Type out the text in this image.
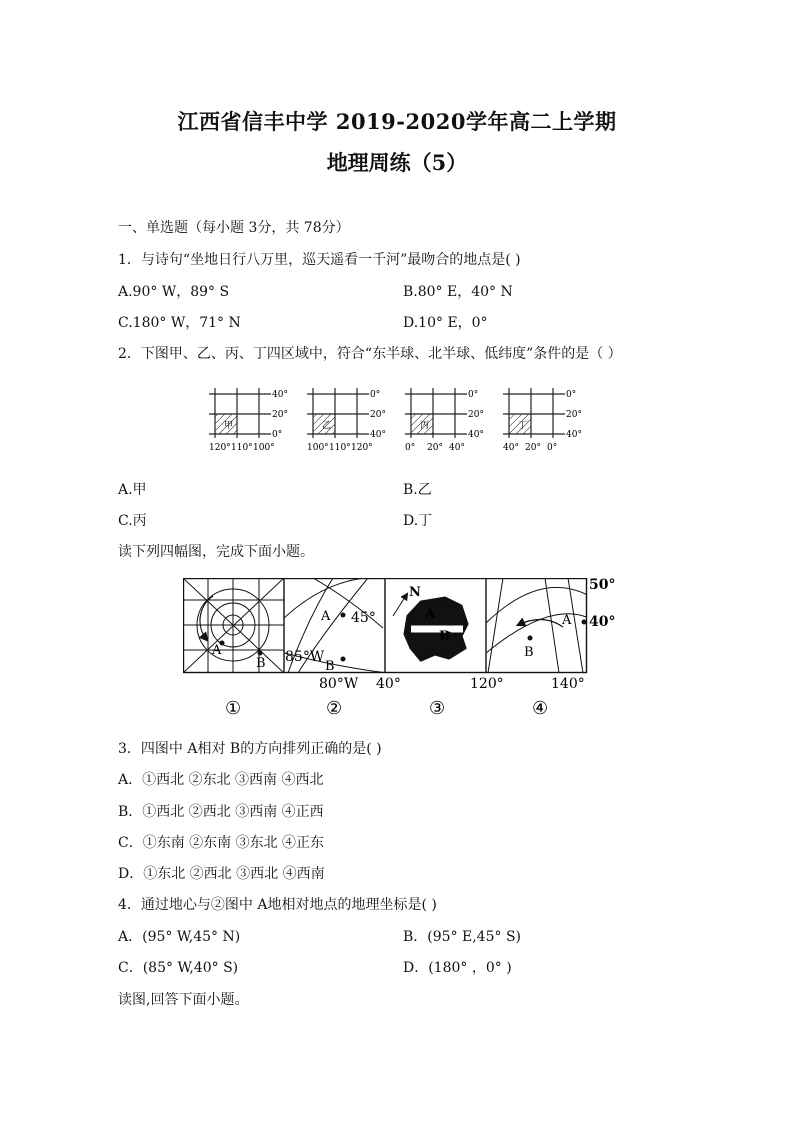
江西省信丰中学 2019-2020学年高二上学期
地理周练（5）
一、单选题（每小题 3分，共 78分）
1．与诗句“坐地日行八万里，巡天遥看一千河”最吻合的地点是( )
A.90° W，89° S	B.80° E，40° N
C.180° W，71° N	D.10° E，0°
2．下图甲、乙、丙、丁四区域中，符合“东半球、北半球、低纬度”条件的是（ ）
甲
40°
20°
0°
120° 110° 100°
乙
0°
20°
40°
100° 110° 120°
丙
0°
20°
40°
0° 20° 40°
丁
0°
20°
40°
40° 20° 0°
A.甲	B.乙
C.丙	D.丁
读下列四幅图，完成下面小题。
A
B
A 45°
85°W
B
N
A
B
A
B
50°
40°
80°W 40°	120°	140°
①	②	③	④
3．四图中 A相对 B的方向排列正确的是( )
A．①西北 ②东北 ③西南 ④西北
B．①西北 ②西北 ③西南 ④正西
C．①东南 ②东南 ③东北 ④正东
D．①东北 ②西北 ③西北 ④西南
4．通过地心与②图中 A地相对地点的地理坐标是( )
A．(95° W,45° N)	B．(95° E,45° S)
C．(85° W,40° S)	D．(180° ，0° )
读图,回答下面小题。
